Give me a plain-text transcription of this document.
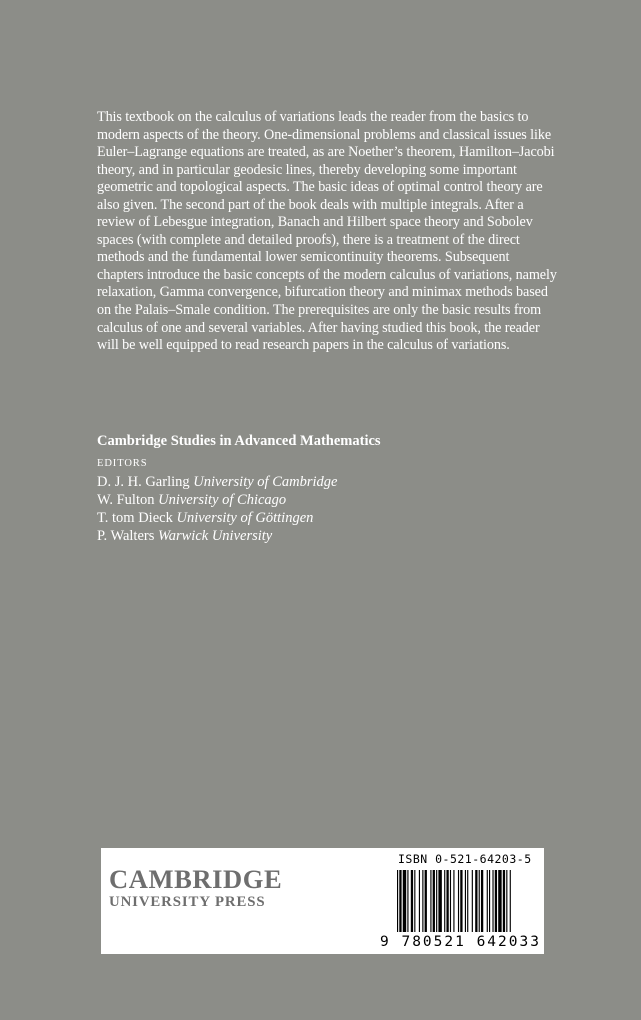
This textbook on the calculus of variations leads the reader from the basics to modern aspects of the theory. One-dimensional problems and classical issues like Euler–Lagrange equations are treated, as are Noether’s theorem, Hamilton–Jacobi theory, and in particular geodesic lines, thereby developing some important geometric and topological aspects. The basic ideas of optimal control theory are also given. The second part of the book deals with multiple integrals. After a review of Lebesgue integration, Banach and Hilbert space theory and Sobolev spaces (with complete and detailed proofs), there is a treatment of the direct methods and the fundamental lower semicontinuity theorems. Subsequent chapters introduce the basic concepts of the modern calculus of variations, namely relaxation, Gamma convergence, bifurcation theory and minimax methods based on the Palais–Smale condition. The prerequisites are only the basic results from calculus of one and several variables. After having studied this book, the reader will be well equipped to read research papers in the calculus of variations.
Cambridge Studies in Advanced Mathematics
EDITORS
D. J. H. Garling University of Cambridge
W. Fulton University of Chicago
T. tom Dieck University of Göttingen
P. Walters Warwick University
CAMBRIDGE
UNIVERSITY PRESS
ISBN 0-521-64203-5
9 780521 642033
